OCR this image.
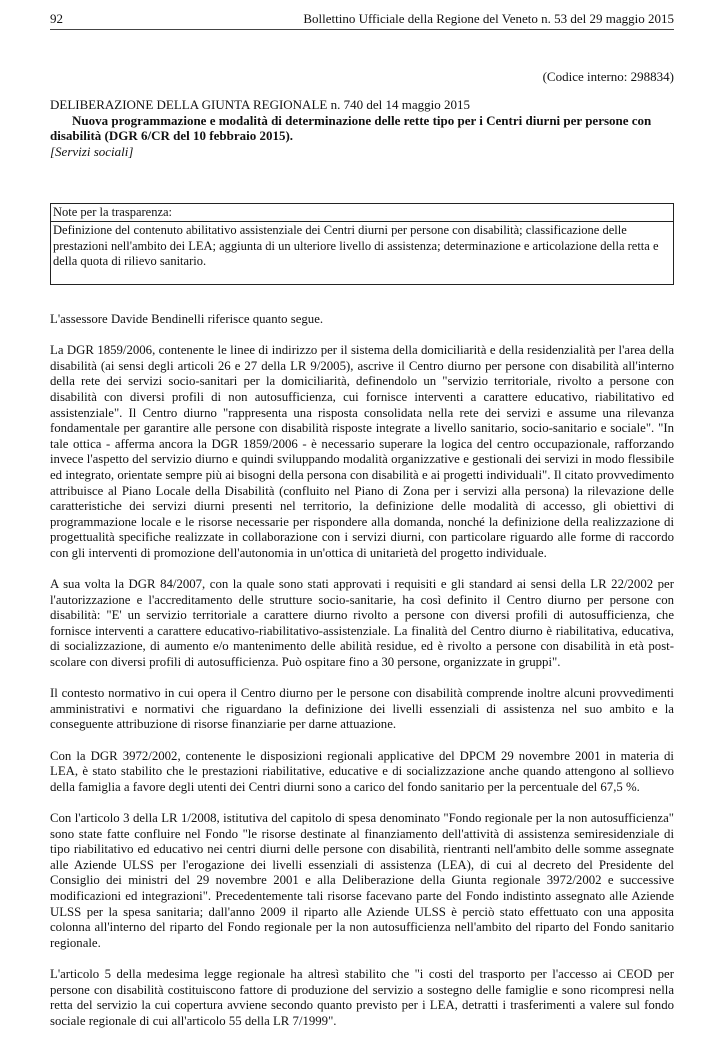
92	Bollettino Ufficiale della Regione del Veneto n. 53 del 29 maggio 2015
(Codice interno: 298834)

DELIBERAZIONE DELLA GIUNTA REGIONALE n. 740 del 14 maggio 2015

Nuova programmazione e modalità di determinazione delle rette tipo per i Centri diurni per persone con disabilità (DGR 6/CR del 10 febbraio 2015).

[Servizi sociali]

Note per la trasparenza:
Definizione del contenuto abilitativo assistenziale dei Centri diurni per persone con disabilità; classificazione delle prestazioni nell'ambito dei LEA; aggiunta di un ulteriore livello di assistenza; determinazione e articolazione della retta e della quota di rilievo sanitario.

L'assessore Davide Bendinelli riferisce quanto segue.

La DGR 1859/2006, contenente le linee di indirizzo per il sistema della domiciliarità e della residenzialità per l'area della disabilità (ai sensi degli articoli 26 e 27 della LR 9/2005), ascrive il Centro diurno per persone con disabilità all'interno della rete dei servizi socio-sanitari per la domiciliarità, definendolo un "servizio territoriale, rivolto a persone con disabilità con diversi profili di non autosufficienza, cui forniscе interventi a carattere educativo, riabilitativo ed assistenziale". Il Centro diurno "rappresenta una risposta consolidata nella rete dei servizi e assume una rilevanza fondamentale per garantire alle persone con disabilità risposte integrate a livello sanitario, socio-sanitario e sociale". "In tale ottica - afferma ancora la DGR 1859/2006 - è necessario superare la logica del centro occupazionale, rafforzando invece l'aspetto del servizio diurno e quindi sviluppando modalità organizzative e gestionali dei servizi in modo flessibile ed integrato, orientate sempre più ai bisogni della persona con disabilità e ai progetti individuali". Il citato provvedimento attribuisce al Piano Locale della Disabilità (confluito nel Piano di Zona per i servizi alla persona) la rilevazione delle caratteristiche dei servizi diurni presenti nel territorio, la definizione delle modalità di accesso, gli obiettivi di programmazione locale e le risorse necessarie per rispondere alla domanda, nonché la definizione della realizzazione di progettualità specifiche realizzate in collaborazione con i servizi diurni, con particolare riguardo alle forme di raccordo con gli interventi di promozione dell'autonomia in un'ottica di unitarietà del progetto individuale.

A sua volta la DGR 84/2007, con la quale sono stati approvati i requisiti e gli standard ai sensi della LR 22/2002 per l'autorizzazione e l'accreditamento delle strutture socio-sanitarie, ha così definito il Centro diurno per persone con disabilità: "E' un servizio territoriale a carattere diurno rivolto a persone con diversi profili di autosufficienza, che fornisce interventi a carattere educativo-riabilitativo-assistenziale. La finalità del Centro diurno è riabilitativa, educativa, di socializzazione, di aumento e/o mantenimento delle abilità residue, ed è rivolto a persone con disabilità in età post-scolare con diversi profili di autosufficienza. Può ospitare fino a 30 persone, organizzate in gruppi".

Il contesto normativo in cui opera il Centro diurno per le persone con disabilità comprende inoltre alcuni provvedimenti amministrativi e normativi che riguardano la definizione dei livelli essenziali di assistenza nel suo ambito e la conseguente attribuzione di risorse finanziarie per darne attuazione.

Con la DGR 3972/2002, contenente le disposizioni regionali applicative del DPCM 29 novembre 2001 in materia di LEA, è stato stabilito che le prestazioni riabilitative, educative e di socializzazione anche quando attengono al sollievo della famiglia a favore degli utenti dei Centri diurni sono a carico del fondo sanitario per la percentuale del 67,5 %.

Con l'articolo 3 della LR 1/2008, istitutiva del capitolo di spesa denominato "Fondo regionale per la non autosufficienza" sono state fatte confluire nel Fondo "le risorse destinate al finanziamento dell'attività di assistenza semiresidenziale di tipo riabilitativo ed educativo nei centri diurni delle persone con disabilità, rientranti nell'ambito delle somme assegnate alle Aziende ULSS per l'erogazione dei livelli essenziali di assistenza (LEA), di cui al decreto del Presidente del Consiglio dei ministri del 29 novembre 2001 e alla Deliberazione della Giunta regionale 3972/2002 e successive modificazioni ed integrazioni". Precedentemente tali risorse facevano parte del Fondo indistinto assegnato alle Aziende ULSS per la spesa sanitaria; dall'anno 2009 il riparto alle Aziende ULSS è perciò stato effettuato con una apposita colonna all'interno del riparto del Fondo regionale per la non autosufficienza nell'ambito del riparto del Fondo sanitario regionale.

L'articolo 5 della medesima legge regionale ha altresì stabilito che "i costi del trasporto per l'accesso ai CEOD per persone con disabilità costituiscono fattore di produzione del servizio a sostegno delle famiglie e sono ricompresi nella retta del servizio la cui copertura avviene secondo quanto previsto per i LEA, detratti i trasferimenti a valere sul fondo sociale regionale di cui all'articolo 55 della LR 7/1999".
